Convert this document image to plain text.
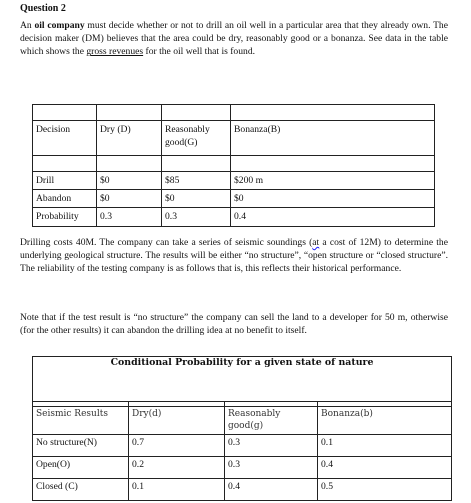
Question 2

An oil company must decide whether or not to drill an oil well in a particular area that they already own. The decision maker (DM) believes that the area could be dry, reasonably good or a bonanza. See data in the table which shows the gross revenues for the oil well that is found.

Decision	Dry (D)	Reasonably good(G)	Bonanza(B)

Drill	$0	$85	$200 m
Abandon	$0	$0	$0
Probability	0.3	0.3	0.4

Drilling costs 40M. The company can take a series of seismic soundings (at a cost of 12M) to determine the underlying geological structure. The results will be either “no structure”, “open structure or “closed structure”. The reliability of the testing company is as follows that is, this reflects their historical performance.

Note that if the test result is “no structure” the company can sell the land to a developer for 50 m, otherwise (for the other results) it can abandon the drilling idea at no benefit to itself.

Conditional Probability for a given state of nature			

Seismic Results	Dry(d)	Reasonably good(g)	Bonanza(b)
No structure(N)	0.7	0.3	0.1
Open(O)	0.2	0.3	0.4
Closed (C)	0.1	0.4	0.5
